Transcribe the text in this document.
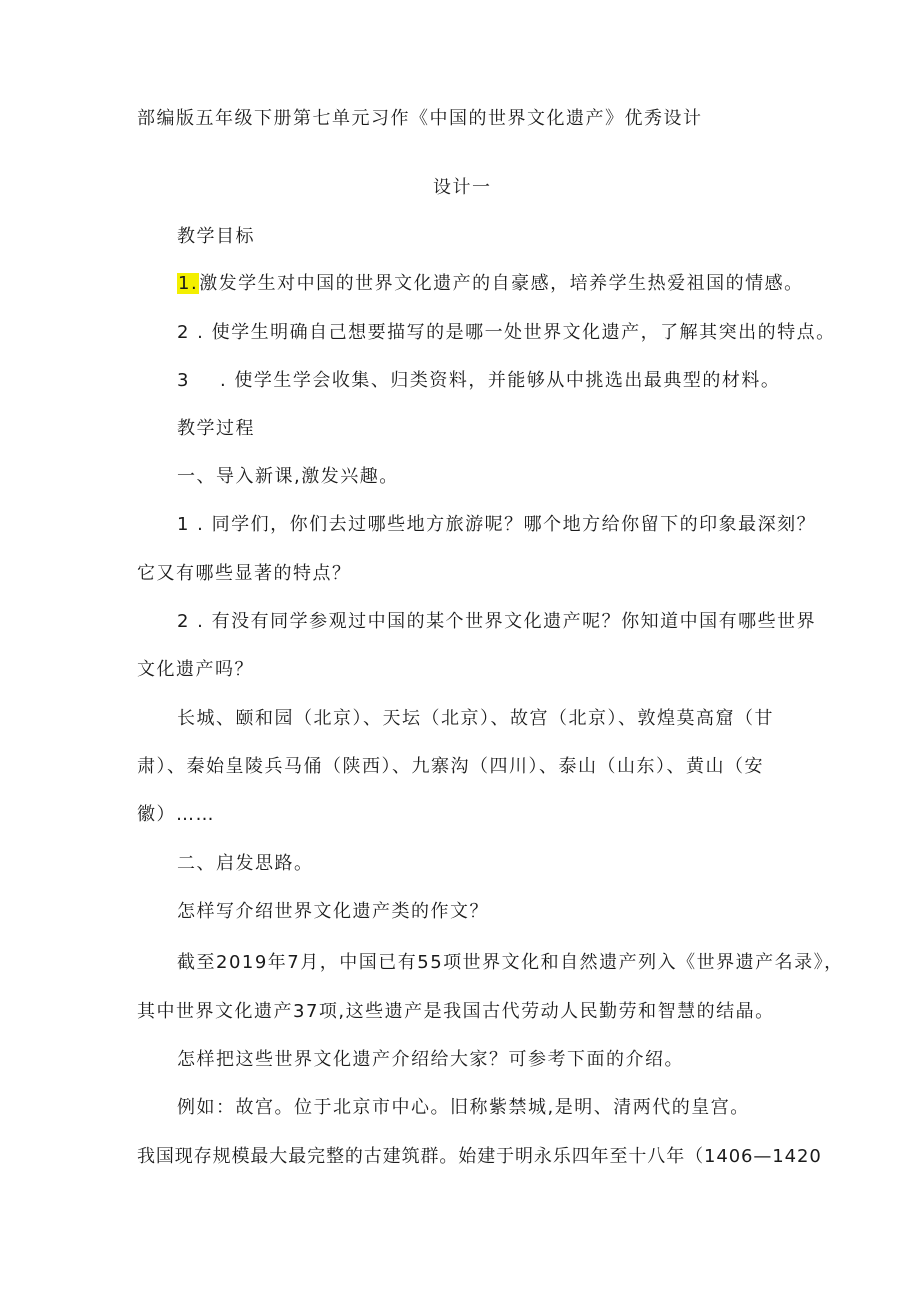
部编版五年级下册第七单元习作《中国的世界文化遗产》优秀设计
设计一
教学目标
1.激发学生对中国的世界文化遗产的自豪感，培养学生热爱祖国的情感。
2 . 使学生明确自己想要描写的是哪一处世界文化遗产，了解其突出的特点。
3 . 使学生学会收集、归类资料，并能够从中挑选出最典型的材料。
教学过程
一、导入新课,激发兴趣。
1 . 同学们，你们去过哪些地方旅游呢？哪个地方给你留下的印象最深刻？
它又有哪些显著的特点？
2 . 有没有同学参观过中国的某个世界文化遗产呢？你知道中国有哪些世界
文化遗产吗？
长城、颐和园（北京）、天坛（北京）、故宫（北京）、敦煌莫高窟（甘
肃）、秦始皇陵兵马俑（陕西）、九寨沟（四川）、泰山（山东）、黄山（安
徽）……
二、启发思路。
怎样写介绍世界文化遗产类的作文？
截至2019年7月，中国已有55项世界文化和自然遗产列入《世界遗产名录》，
其中世界文化遗产37项,这些遗产是我国古代劳动人民勤劳和智慧的结晶。
怎样把这些世界文化遗产介绍给大家？可参考下面的介绍。
例如：故宫。位于北京市中心。旧称紫禁城,是明、清两代的皇宫。
我国现存规模最大最完整的古建筑群。始建于明永乐四年至十八年（1406—1420
